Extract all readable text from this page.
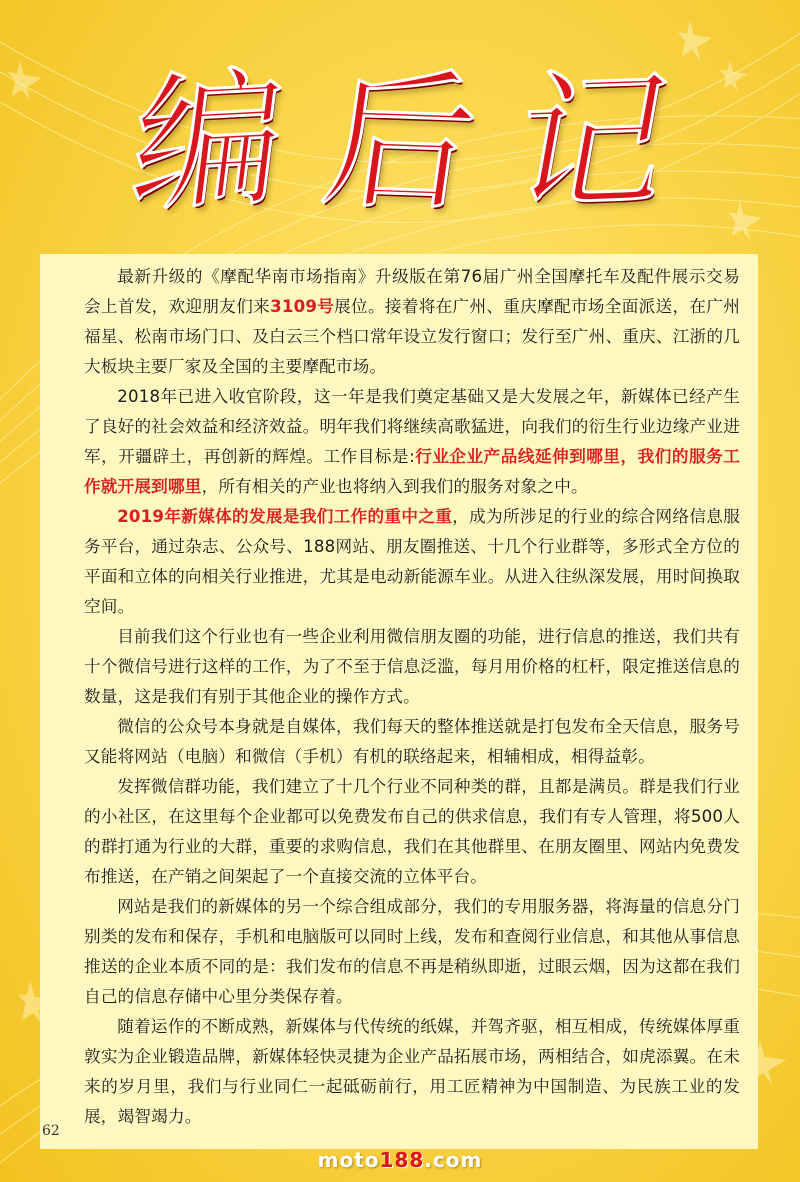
编 后 记

最新升级的《摩配华南市场指南》升级版在第76届广州全国摩托车及配件展示交易会上首发，欢迎朋友们来3109号展位。接着将在广州、重庆摩配市场全面派送，在广州福星、松南市场门口、及白云三个档口常年设立发行窗口；发行至广州、重庆、江浙的几大板块主要厂家及全国的主要摩配市场。

2018年已进入收官阶段，这一年是我们奠定基础又是大发展之年，新媒体已经产生了良好的社会效益和经济效益。明年我们将继续高歌猛进，向我们的衍生行业边缘产业进军，开疆辟土，再创新的辉煌。工作目标是:行业企业产品线延伸到哪里，我们的服务工作就开展到哪里，所有相关的产业也将纳入到我们的服务对象之中。

2019年新媒体的发展是我们工作的重中之重，成为所涉足的行业的综合网络信息服务平台，通过杂志、公众号、188网站、朋友圈推送、十几个行业群等，多形式全方位的平面和立体的向相关行业推进，尤其是电动新能源车业。从进入往纵深发展，用时间换取空间。

目前我们这个行业也有一些企业利用微信朋友圈的功能，进行信息的推送，我们共有十个微信号进行这样的工作，为了不至于信息泛滥，每月用价格的杠杆，限定推送信息的数量，这是我们有别于其他企业的操作方式。

微信的公众号本身就是自媒体，我们每天的整体推送就是打包发布全天信息，服务号又能将网站（电脑）和微信（手机）有机的联络起来，相辅相成，相得益彰。

发挥微信群功能，我们建立了十几个行业不同种类的群，且都是满员。群是我们行业的小社区，在这里每个企业都可以免费发布自己的供求信息，我们有专人管理，将500人的群打通为行业的大群，重要的求购信息，我们在其他群里、在朋友圈里、网站内免费发布推送，在产销之间架起了一个直接交流的立体平台。

网站是我们的新媒体的另一个综合组成部分，我们的专用服务器，将海量的信息分门别类的发布和保存，手机和电脑版可以同时上线，发布和查阅行业信息，和其他从事信息推送的企业本质不同的是：我们发布的信息不再是稍纵即逝，过眼云烟，因为这都在我们自己的信息存储中心里分类保存着。

随着运作的不断成熟，新媒体与代传统的纸媒，并驾齐驱，相互相成，传统媒体厚重敦实为企业锻造品牌，新媒体轻快灵捷为企业产品拓展市场，两相结合，如虎添翼。在未来的岁月里，我们与行业同仁一起砥砺前行，用工匠精神为中国制造、为民族工业的发展，竭智竭力。

62
moto188.com
